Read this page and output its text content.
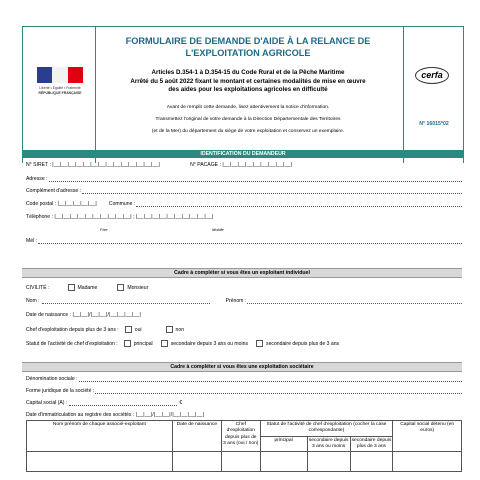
Liberté • Égalité • Fraternité
RÉPUBLIQUE FRANÇAISE
FORMULAIRE DE DEMANDE D'AIDE À LA RELANCE DE
L'EXPLOITATION AGRICOLE
Articles D.354-1 à D.354-15 du Code Rural et de la Pêche Maritime
Arrêté du 5 août 2022 fixant le montant et certaines modalités de mise en œuvre
des aides pour les exploitations agricoles en difficulté
Avant de remplir cette demande, lisez attentivement la notice d'information.
Transmettez l'original de votre demande à la Direction Départementale des Territoires
(et de la Mer) du département du siège de votre exploitation et conservez un exemplaire.
cerfa
N° 16015*02
IDENTIFICATION DU DEMANDEUR
N° SIRET :
|__|__|__|__|__|__|__|__|__|__|__|__|__|__|	N° PACAGE :
|__|__|__|__|__|__|__|__|__|
Adresse :
Complément d'adresse :
Code postal :
|__|__|__|__|__| Commune :
Téléphone :
|__|__|__|__|__|__|__|__|__|__|
;
|__|__|__|__|__|__|__|__|__|__|
Fixe	Mobile
Mél :
Cadre à compléter si vous êtes un exploitant individuel
CIVILITÉ :	Madame	Monsieur
Nom :	Prénom :
Date de naissance :
|__|__|/|__|__|/|__|__|__|__|
Chef d'exploitation depuis plus de 3 ans :	oui	non
Statut de l'activité de chef d'exploitation :	principal	secondaire depuis 3 ans ou moins	secondaire depuis plus de 3 ans
Cadre à compléter si vous êtes une exploitation sociétaire
Dénomination sociale :
Forme juridique de la société :
Capital social (A) :	€
Date d'immatriculation au registre des sociétés :
|__|__|/|__|__|/|__|__|__|__|
Nom prénom de chaque associé-exploitant	Date de naissance	Chef d'exploitation depuis plus de 3 ans (oui / non)	Statut de l'activité de chef d'exploitation (cocher la case correspondante)			Capital social détenu (en euros)
			principal	secondaire depuis 3 ans ou moins	secondaire depuis plus de 3 ans	
